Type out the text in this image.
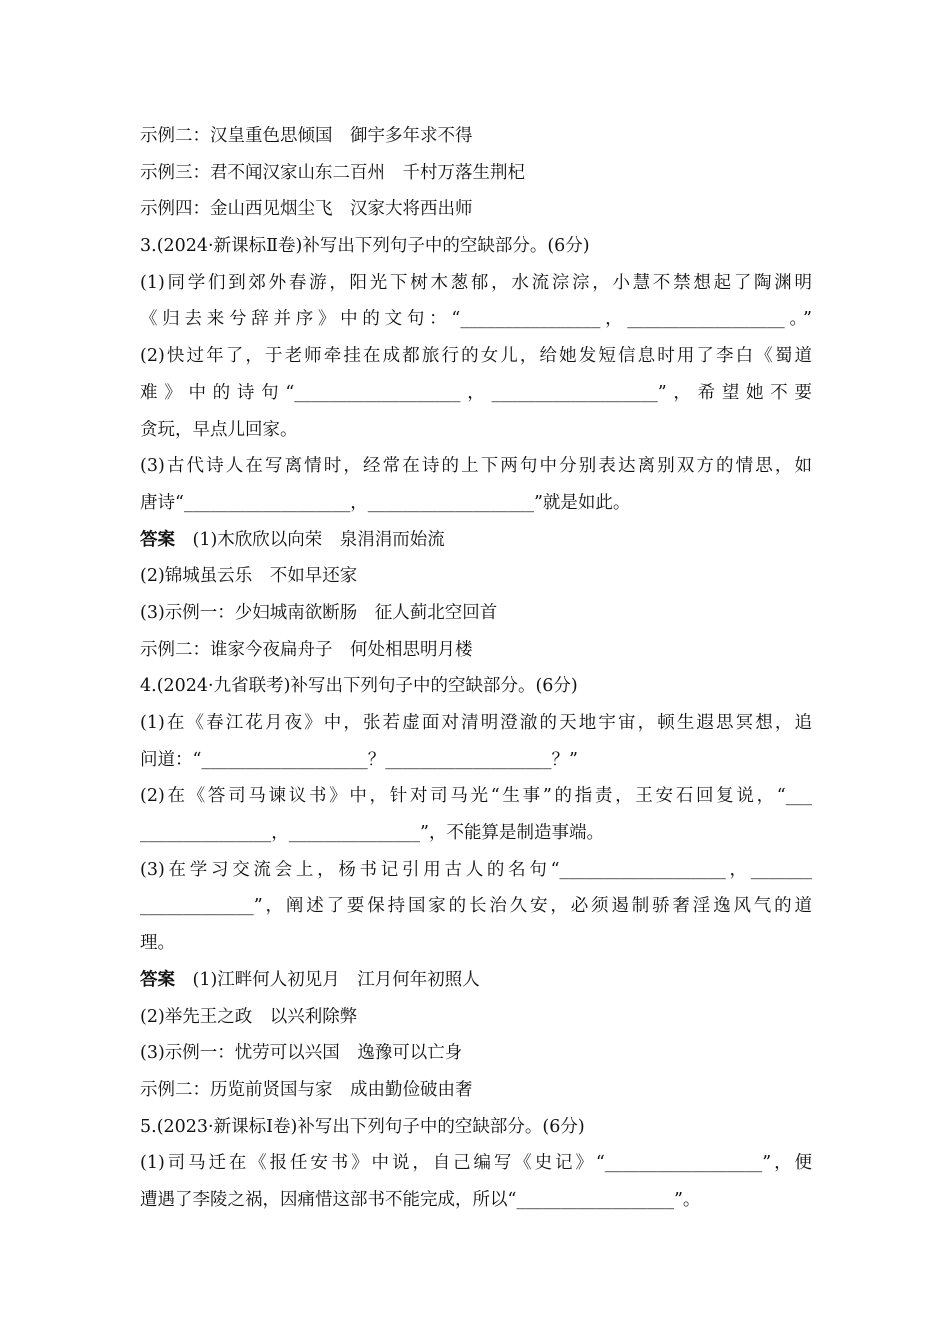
示例二：汉皇重色思倾国　御宇多年求不得
示例三：君不闻汉家山东二百州　千村万落生荆杞
示例四：金山西见烟尘飞　汉家大将西出师
3.(2024·新课标Ⅱ卷)补写出下列句子中的空缺部分。(6分)
(1)同学们到郊外春游，阳光下树木葱郁，水流淙淙，小慧不禁想起了陶渊明
《归去来兮辞并序》中的文句：“________________，__________________。”
(2)快过年了，于老师牵挂在成都旅行的女儿，给她发短信息时用了李白《蜀道
难》中的诗句“___________________，___________________”，希望她不要
贪玩，早点儿回家。
(3)古代诗人在写离情时，经常在诗的上下两句中分别表达离别双方的情思，如
唐诗“___________________，___________________”就是如此。
答案　(1)木欣欣以向荣　泉涓涓而始流
(2)锦城虽云乐　不如早还家
(3)示例一：少妇城南欲断肠　征人蓟北空回首
示例二：谁家今夜扁舟子　何处相思明月楼
4.(2024·九省联考)补写出下列句子中的空缺部分。(6分)
(1)在《春江花月夜》中，张若虚面对清明澄澈的天地宇宙，顿生遐思冥想，追
问道：“___________________？___________________？”
(2)在《答司马谏议书》中，针对司马光“生事”的指责，王安石回复说，“___
_______________，_______________”，不能算是制造事端。
(3)在学习交流会上，杨书记引用古人的名句“___________________，_______
_____________”，阐述了要保持国家的长治久安，必须遏制骄奢淫逸风气的道
理。
答案　(1)江畔何人初见月　江月何年初照人
(2)举先王之政　以兴利除弊
(3)示例一：忧劳可以兴国　逸豫可以亡身
示例二：历览前贤国与家　成由勤俭破由奢
5.(2023·新课标Ⅰ卷)补写出下列句子中的空缺部分。(6分)
(1)司马迁在《报任安书》中说，自己编写《史记》“__________________”，便
遭遇了李陵之祸，因痛惜这部书不能完成，所以“__________________”。
